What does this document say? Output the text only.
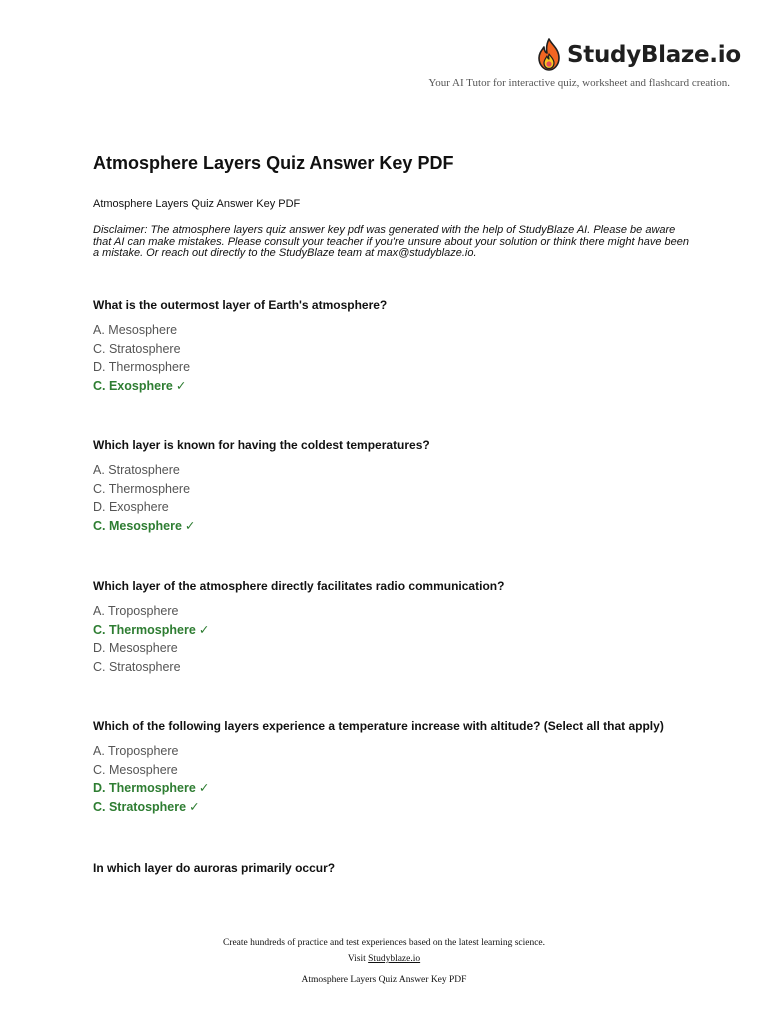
StudyBlaze.io
Your AI Tutor for interactive quiz, worksheet and flashcard creation.
Atmosphere Layers Quiz Answer Key PDF
Atmosphere Layers Quiz Answer Key PDF
Disclaimer: The atmosphere layers quiz answer key pdf was generated with the help of StudyBlaze AI. Please be aware that AI can make mistakes. Please consult your teacher if you're unsure about your solution or think there might have been a mistake. Or reach out directly to the StudyBlaze team at max@studyblaze.io.
What is the outermost layer of Earth's atmosphere?
A. Mesosphere
C. Stratosphere
D. Thermosphere
C. Exosphere ✓
Which layer is known for having the coldest temperatures?
A. Stratosphere
C. Thermosphere
D. Exosphere
C. Mesosphere ✓
Which layer of the atmosphere directly facilitates radio communication?
A. Troposphere
C. Thermosphere ✓
D. Mesosphere
C. Stratosphere
Which of the following layers experience a temperature increase with altitude? (Select all that apply)
A. Troposphere
C. Mesosphere
D. Thermosphere ✓
C. Stratosphere ✓
In which layer do auroras primarily occur?
Create hundreds of practice and test experiences based on the latest learning science.
Visit Studyblaze.io
Atmosphere Layers Quiz Answer Key PDF
